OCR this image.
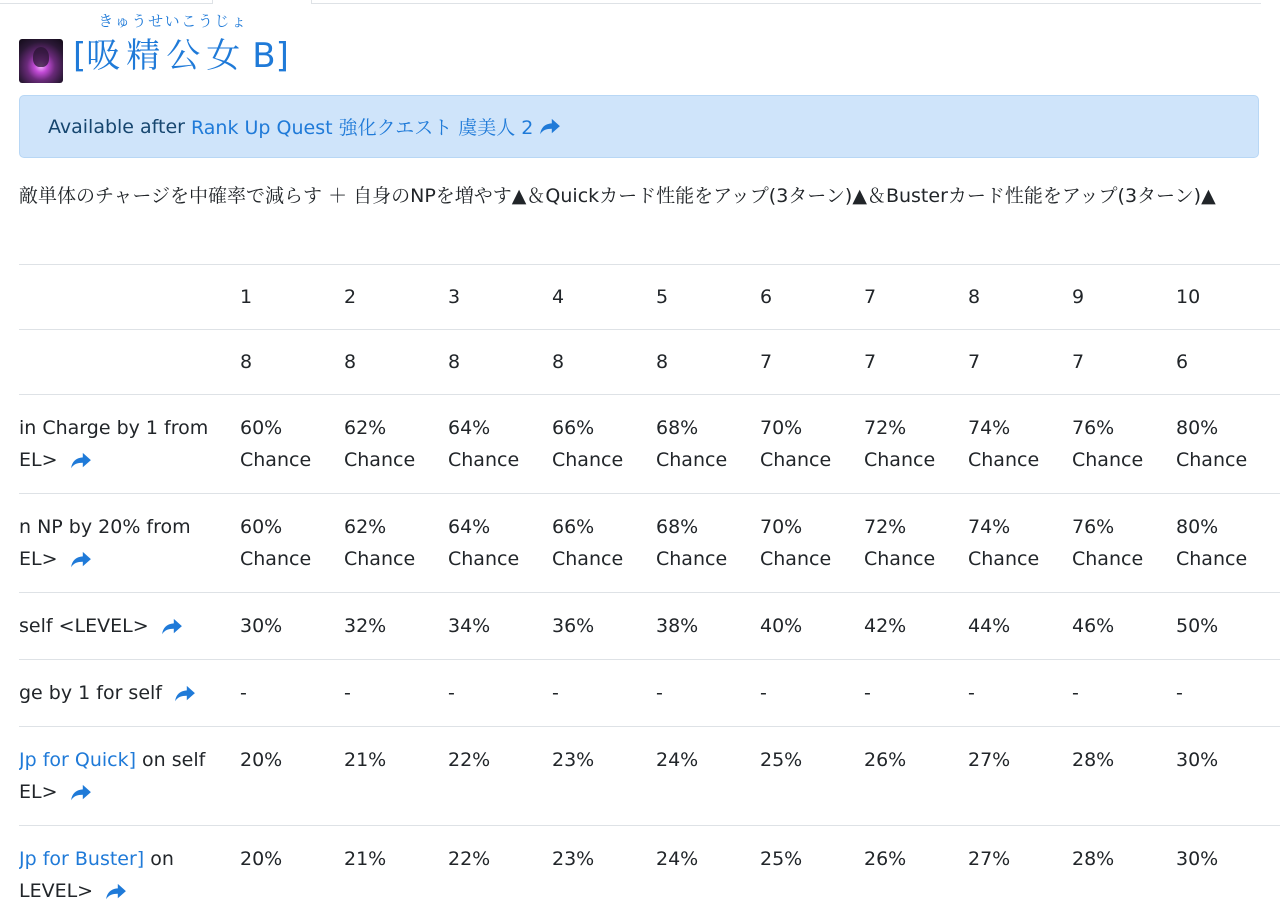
[
きゅうせいこうじょ
吸精公女 B ]
Available after Rank Up Quest 強化クエスト 虞美人 2
敵単体のチャージを中確率で減らす ＋ 自身のNPを増やす▲＆Quickカード性能をアップ(3ターン)▲＆Busterカード性能をアップ(3ターン)▲
	1	2	3	4	5	6	7	8	9	10
	8	8	8	8	8	7	7	7	7	6

in Charge by 1 from
EL>	60% Chance	62% Chance	64% Chance	66% Chance	68% Chance	70% Chance	72% Chance	74% Chance	76% Chance	80% Chance

n NP by 20% from
EL>	60% Chance	62% Chance	64% Chance	66% Chance	68% Chance	70% Chance	72% Chance	74% Chance	76% Chance	80% Chance

self <LEVEL>	30%	32%	34%	36%	38%	40%	42%	44%	46%	50%

ge by 1 for self	-	-	-	-	-	-	-	-	-	-

Jp for Quick] on self
EL>	20%	21%	22%	23%	24%	25%	26%	27%	28%	30%

Jp for Buster] on
LEVEL>	20%	21%	22%	23%	24%	25%	26%	27%	28%	30%
